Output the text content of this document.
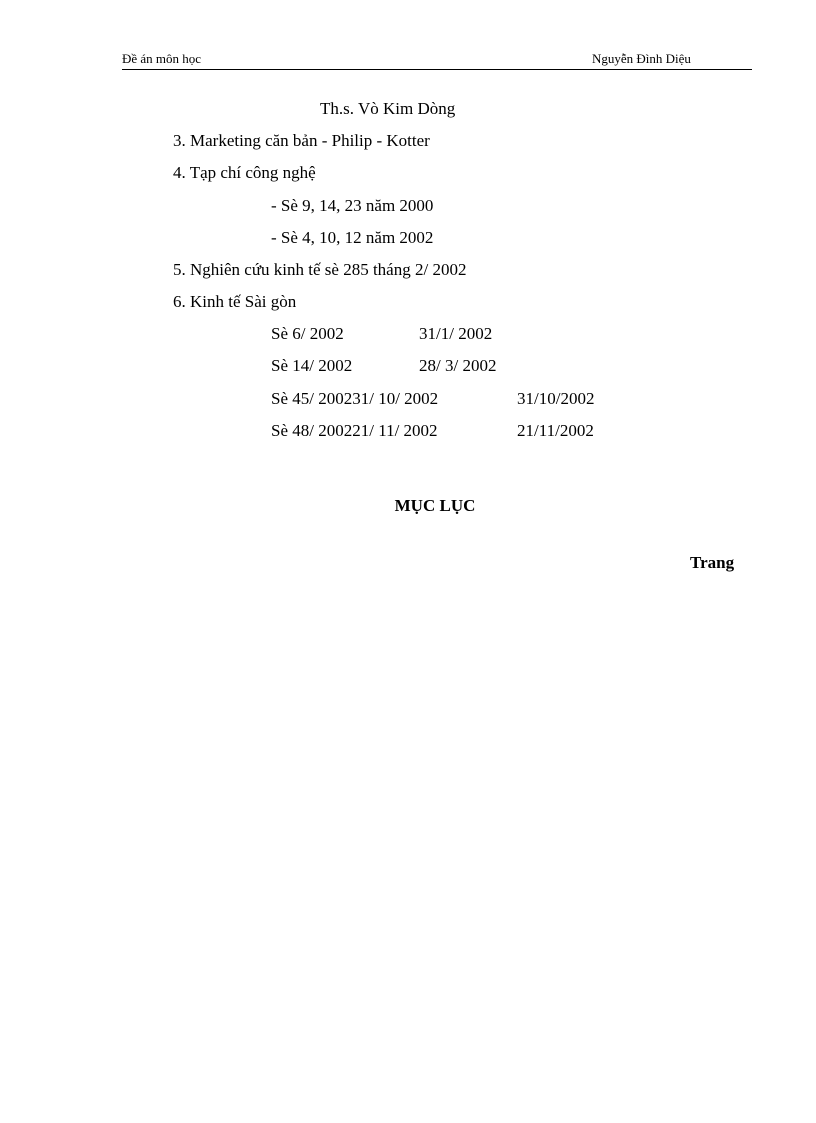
Đề án môn học	Nguyễn Đình Diệu
Th.s. Vò Kim Dòng
3. Marketing căn bản - Philip - Kotter
4. Tạp chí công nghệ
- Sè 9, 14, 23 năm 2000
- Sè 4, 10, 12 năm 2002
5. Nghiên cứu kinh tế sè 285 tháng 2/ 2002
6. Kinh tế Sài gòn
Sè 6/ 2002	31/1/ 2002
Sè 14/ 2002	28/ 3/ 2002
Sè 45/ 200231/ 10/ 2002	31/10/2002
Sè 48/ 200221/ 11/ 2002	21/11/2002
MỤC LỤC
Trang
